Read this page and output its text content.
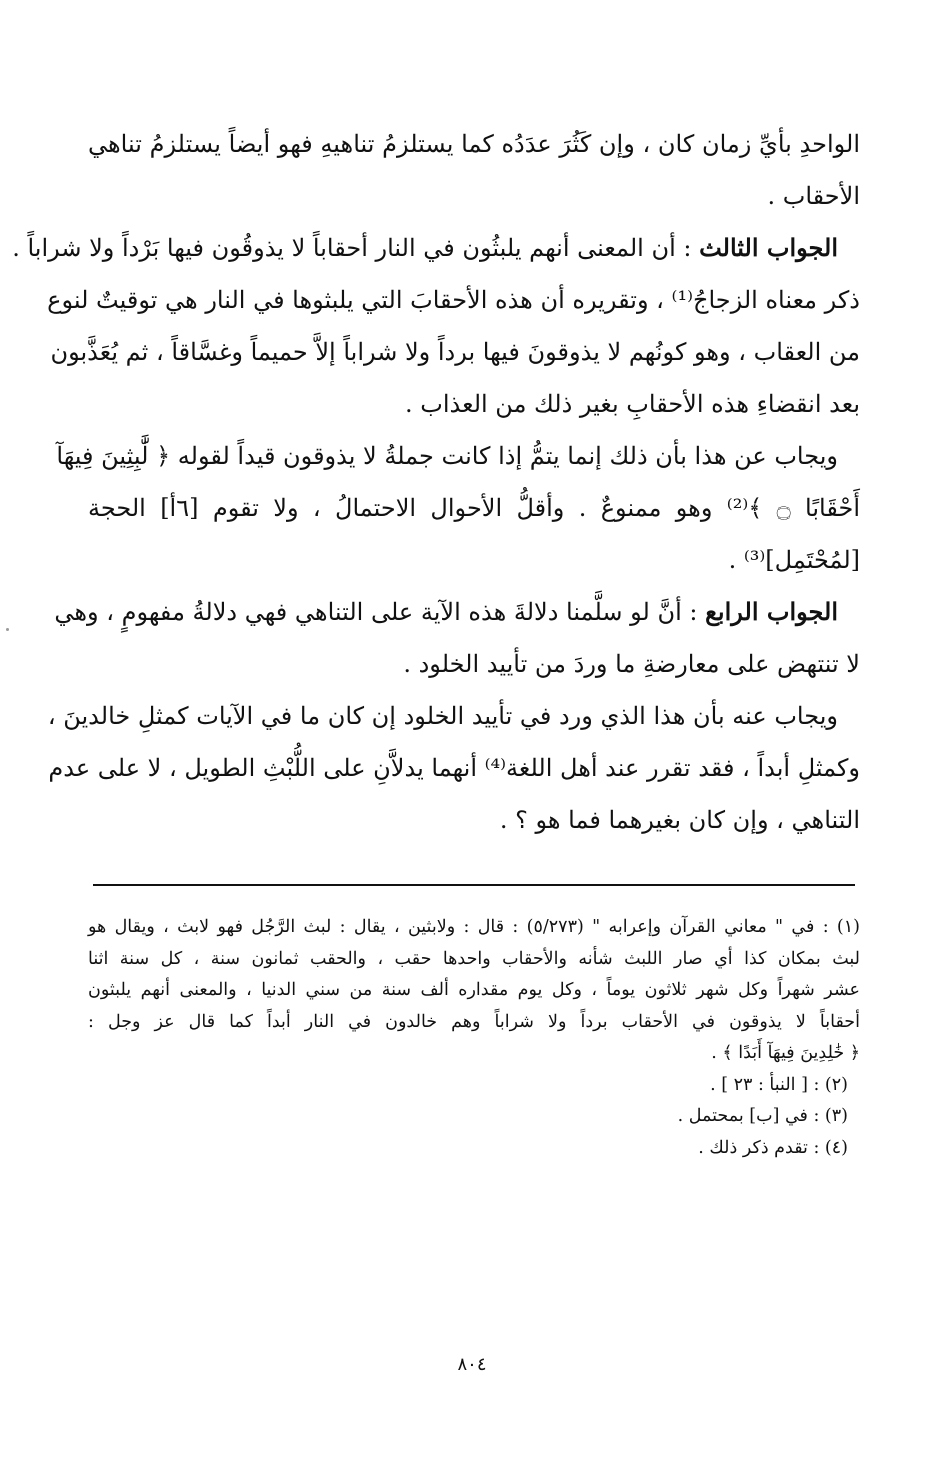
الواحدِ بأيِّ زمان كان ، وإن كَثُرَ عدَدُه كما يستلزمُ تناهيهِ فهو أيضاً يستلزمُ تناهي
الأحقاب .
الجواب الثالث : أن المعنى أنهم يلبثُون في النار أحقاباً لا يذوقُون فيها بَرْداً ولا شراباً .
ذكر معناه الزجاجُ⁽¹⁾ ، وتقريره أن هذه الأحقابَ التي يلبثوها في النار هي توقيتٌ لنوع
من العقاب ، وهو كونُهم لا يذوقونَ فيها برداً ولا شراباً إلاَّ حميماً وغسَّاقاً ، ثم يُعَذَّبون
بعد انقضاءِ هذه الأحقابِ بغير ذلك من العذاب .
ويجاب عن هذا بأن ذلك إنما يتمُّ إذا كانت جملةُ لا يذوقون قيداً لقوله ﴿ لَّٰبِثِينَ فِيهَآ
أَحْقَابًا ۝ ﴾⁽²⁾ وهو ممنوعٌ . وأقلُّ الأحوال الاحتمالُ ، ولا تقوم [٦أ] الحجة
[لمُحْتَمِل]⁽³⁾ .
الجواب الرابع : أنَّ لو سلَّمنا دلالةَ هذه الآية على التناهي فهي دلالةُ مفهومٍ ، وهي
لا تنتهض على معارضةِ ما وردَ من تأييد الخلود .
ويجاب عنه بأن هذا الذي ورد في تأييد الخلود إن كان ما في الآيات كمثلِ خالدينَ ،
وكمثلِ أبداً ، فقد تقرر عند أهل اللغة⁽⁴⁾ أنهما يدلاَّنِ على اللُّبْثِ الطويل ، لا على عدم
التناهي ، وإن كان بغيرهما فما هو ؟ .
(١) : في " معاني القرآن وإعرابه " (٥/٢٧٣) : قال : ولابثين ، يقال : لبث الرَّجُل فهو لابث ، ويقال هو
لبث بمكان كذا أي صار اللبث شأنه والأحقاب واحدها حقب ، والحقب ثمانون سنة ، كل سنة اثنا
عشر شهراً وكل شهر ثلاثون يوماً ، وكل يوم مقداره ألف سنة من سني الدنيا ، والمعنى أنهم يلبثون
أحقاباً لا يذوقون في الأحقاب برداً ولا شراباً وهم خالدون في النار أبداً كما قال عز وجل :
﴿ خَٰلِدِينَ فِيهَآ أَبَدًا ﴾ .
(٢) : [ النبأ : ٢٣ ] .
(٣) : في [ب] بمحتمل .
(٤) : تقدم ذكر ذلك .
٨٠٤
